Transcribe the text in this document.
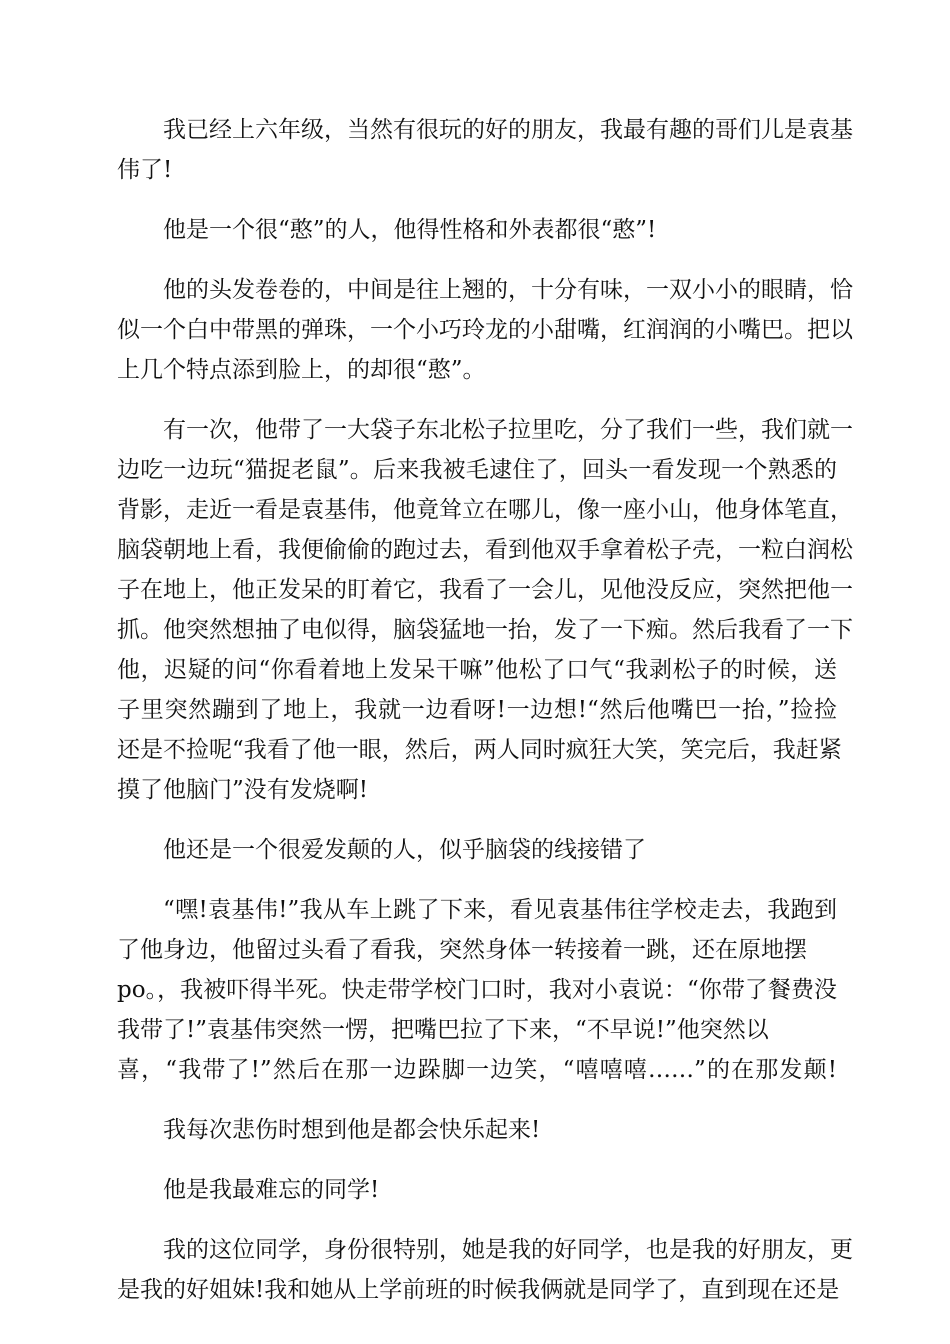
我已经上六年级，当然有很玩的好的朋友，我最有趣的哥们儿是袁基
伟了!
他是一个很“憨”的人，他得性格和外表都很“憨”!
他的头发卷卷的，中间是往上翘的，十分有味，一双小小的眼睛，恰
似一个白中带黑的弹珠，一个小巧玲龙的小甜嘴，红润润的小嘴巴。把以
上几个特点添到脸上，的却很“憨”。
有一次，他带了一大袋子东北松子拉里吃，分了我们一些，我们就一
边吃一边玩“猫捉老鼠”。后来我被毛逮住了，回头一看发现一个熟悉的
背影，走近一看是袁基伟，他竟耸立在哪儿，像一座小山，他身体笔直，
脑袋朝地上看，我便偷偷的跑过去，看到他双手拿着松子壳，一粒白润松
子在地上，他正发呆的盯着它，我看了一会儿，见他没反应，突然把他一
抓。他突然想抽了电似得，脑袋猛地一抬，发了一下痴。然后我看了一下
他，迟疑的问“你看着地上发呆干嘛”他松了口气“我剥松子的时候，送
子里突然蹦到了地上，我就一边看呀!一边想!“然后他嘴巴一抬，”捡捡
还是不捡呢“我看了他一眼，然后，两人同时疯狂大笑，笑完后，我赶紧
摸了他脑门”没有发烧啊!
他还是一个很爱发颠的人，似乎脑袋的线接错了
“嘿!袁基伟!”我从车上跳了下来，看见袁基伟往学校走去，我跑到
了他身边，他留过头看了看我，突然身体一转接着一跳，还在原地摆
po。，我被吓得半死。快走带学校门口时，我对小袁说：“你带了餐费没
我带了!”袁基伟突然一愣，把嘴巴拉了下来，“不早说!”他突然以
喜，“我带了!”然后在那一边跺脚一边笑，“嘻嘻嘻……”的在那发颠!
我每次悲伤时想到他是都会快乐起来!
他是我最难忘的同学!
我的这位同学，身份很特别，她是我的好同学，也是我的好朋友，更
是我的好姐妹!我和她从上学前班的时候我俩就是同学了，直到现在还是
